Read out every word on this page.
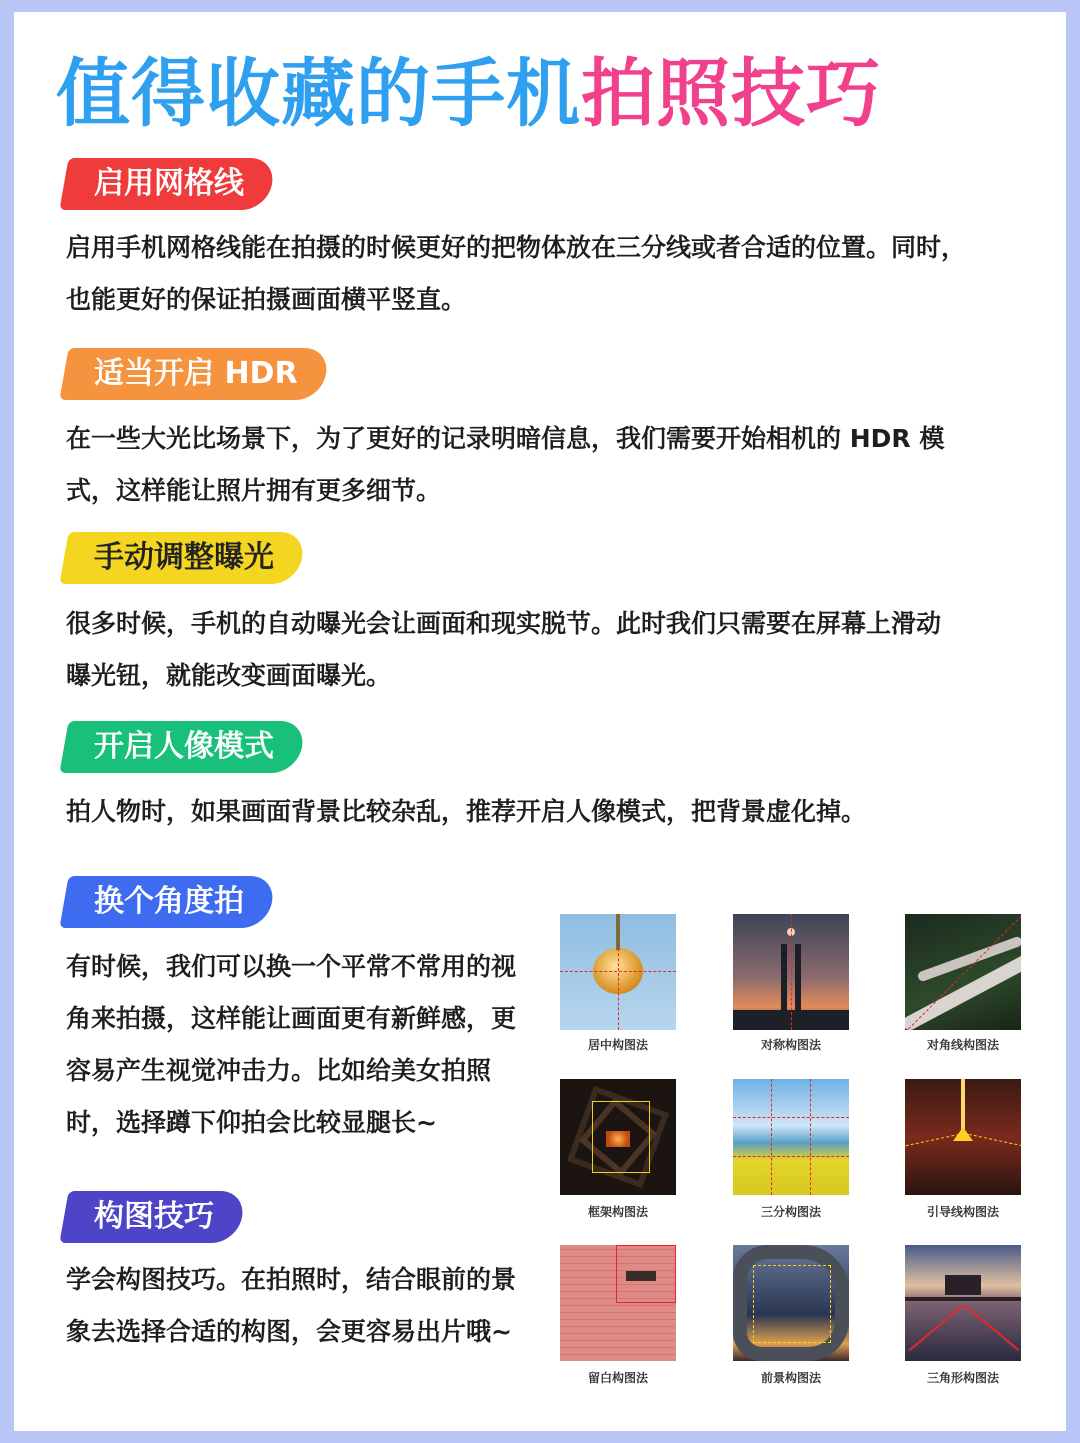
值得收藏的手机拍照技巧
启用网格线
启用手机网格线能在拍摄的时候更好的把物体放在三分线或者合适的位置。同时，
也能更好的保证拍摄画面横平竖直。
适当开启 HDR
在一些大光比场景下，为了更好的记录明暗信息，我们需要开始相机的 HDR 模
式，这样能让照片拥有更多细节。
手动调整曝光
很多时候，手机的自动曝光会让画面和现实脱节。此时我们只需要在屏幕上滑动
曝光钮，就能改变画面曝光。
开启人像模式
拍人物时，如果画面背景比较杂乱，推荐开启人像模式，把背景虚化掉。
换个角度拍
有时候，我们可以换一个平常不常用的视
角来拍摄，这样能让画面更有新鲜感，更
容易产生视觉冲击力。比如给美女拍照
时，选择蹲下仰拍会比较显腿长~
构图技巧
学会构图技巧。在拍照时，结合眼前的景
象去选择合适的构图，会更容易出片哦~
居中构图法	对称构图法	对角线构图法
框架构图法	三分构图法	引导线构图法
留白构图法	前景构图法	三角形构图法
